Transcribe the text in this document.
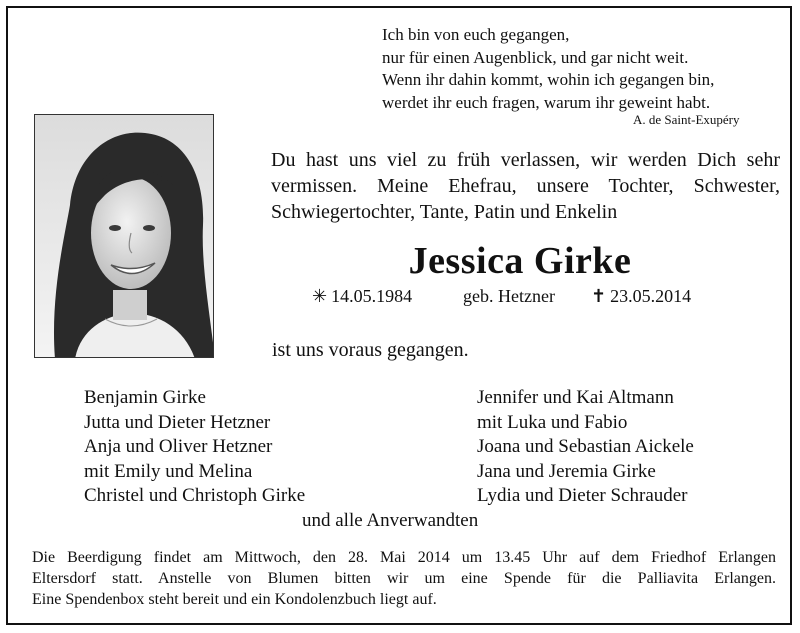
Ich bin von euch gegangen,
nur für einen Augenblick, und gar nicht weit.
Wenn ihr dahin kommt, wohin ich gegangen bin,
werdet ihr euch fragen, warum ihr geweint habt.
A. de Saint-Exupéry
Du hast uns viel zu früh verlassen, wir werden Dich sehr
vermissen. Meine Ehefrau, unsere Tochter, Schwester,
Schwiegertochter, Tante, Patin und Enkelin
Jessica Girke
✳ 14.05.1984	geb. Hetzner ✝ 23.05.2014
ist uns voraus gegangen.
Benjamin Girke
Jutta und Dieter Hetzner
Anja und Oliver Hetzner
mit Emily und Melina
Christel und Christoph Girke
Jennifer und Kai Altmann
mit Luka und Fabio
Joana und Sebastian Aickele
Jana und Jeremia Girke
Lydia und Dieter Schrauder
und alle Anverwandten
Die Beerdigung findet am Mittwoch, den 28. Mai 2014 um 13.45 Uhr auf dem Friedhof Erlangen
Eltersdorf statt. Anstelle von Blumen bitten wir um eine Spende für die Palliavita Erlangen.
Eine Spendenbox steht bereit und ein Kondolenzbuch liegt auf.
